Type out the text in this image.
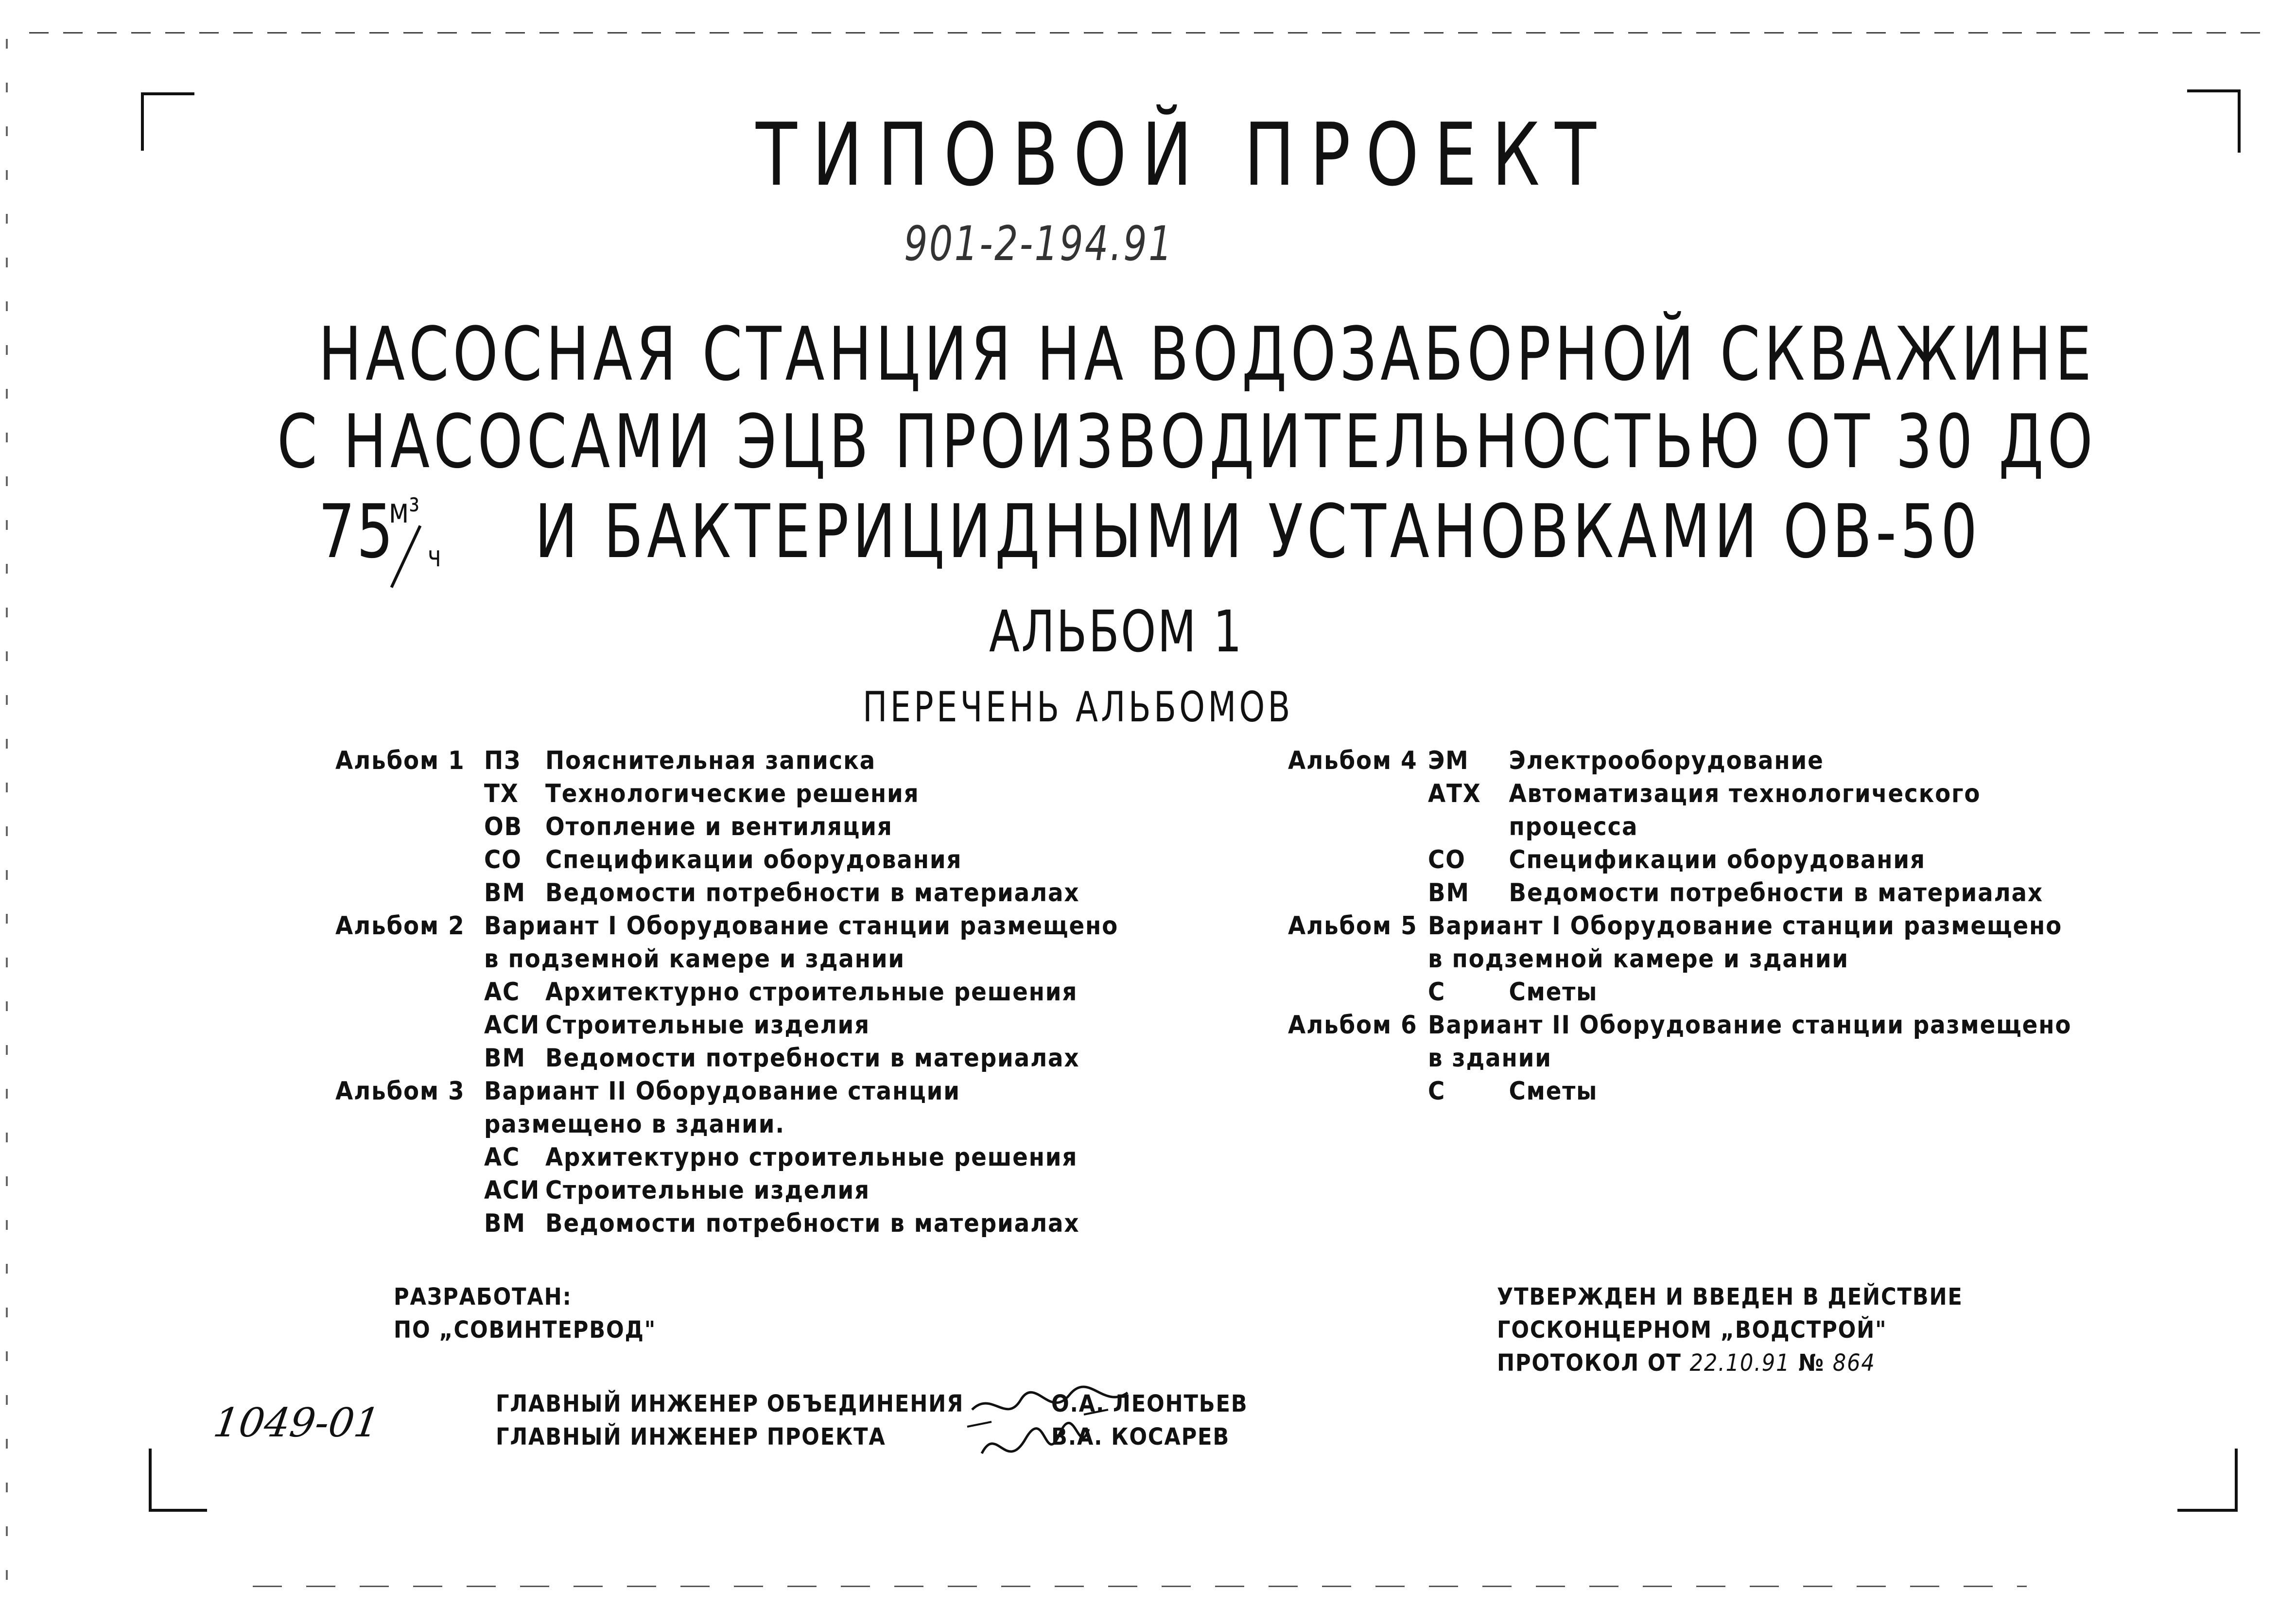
ТИПОВОЙ ПРОЕКТ
901-2-194.91
НАСОСНАЯ СТАНЦИЯ НА ВОДОЗАБОРНОЙ СКВАЖИНЕ
С НАСОСАМИ ЭЦВ ПРОИЗВОДИТЕЛЬНОСТЬЮ ОТ 30 ДО
75
м³
ч И БАКТЕРИЦИДНЫМИ УСТАНОВКАМИ ОВ-50
АЛЬБОМ 1
ПЕРЕЧЕНЬ АЛЬБОМОВ
Альбом 1 ПЗ Пояснительная записка
ТХ Технологические решения
ОВ Отопление и вентиляция
СО Спецификации оборудования
ВМ Ведомости потребности в материалах
Альбом 2 Вариант I Оборудование станции размещено
в подземной камере и здании
АС Архитектурно строительные решения
АСИ Строительные изделия
ВМ Ведомости потребности в материалах
Альбом 3 Вариант II Оборудование станции
размещено в здании.
АС Архитектурно строительные решения
АСИ Строительные изделия
ВМ Ведомости потребности в материалах
Альбом 4 ЭМ Электрооборудование
АТХ Автоматизация технологического
процесса
СО Спецификации оборудования
ВМ Ведомости потребности в материалах
Альбом 5 Вариант I Оборудование станции размещено
в подземной камере и здании
С	Сметы
Альбом 6 Вариант II Оборудование станции размещено
в здании
С	Сметы
РАЗРАБОТАН:
ПО „СОВИНТЕРВОД"
УТВЕРЖДЕН И ВВЕДЕН В ДЕЙСТВИЕ
ГОСКОНЦЕРНОМ „ВОДСТРОЙ"
ПРОТОКОЛ ОТ 22.10.91 № 864
1049-01	ГЛАВНЫЙ ИНЖЕНЕР ОБЪЕДИНЕНИЯ	О.А. ЛЕОНТЬЕВ
ГЛАВНЫЙ ИНЖЕНЕР ПРОЕКТА	В.А. КОСАРЕВ
